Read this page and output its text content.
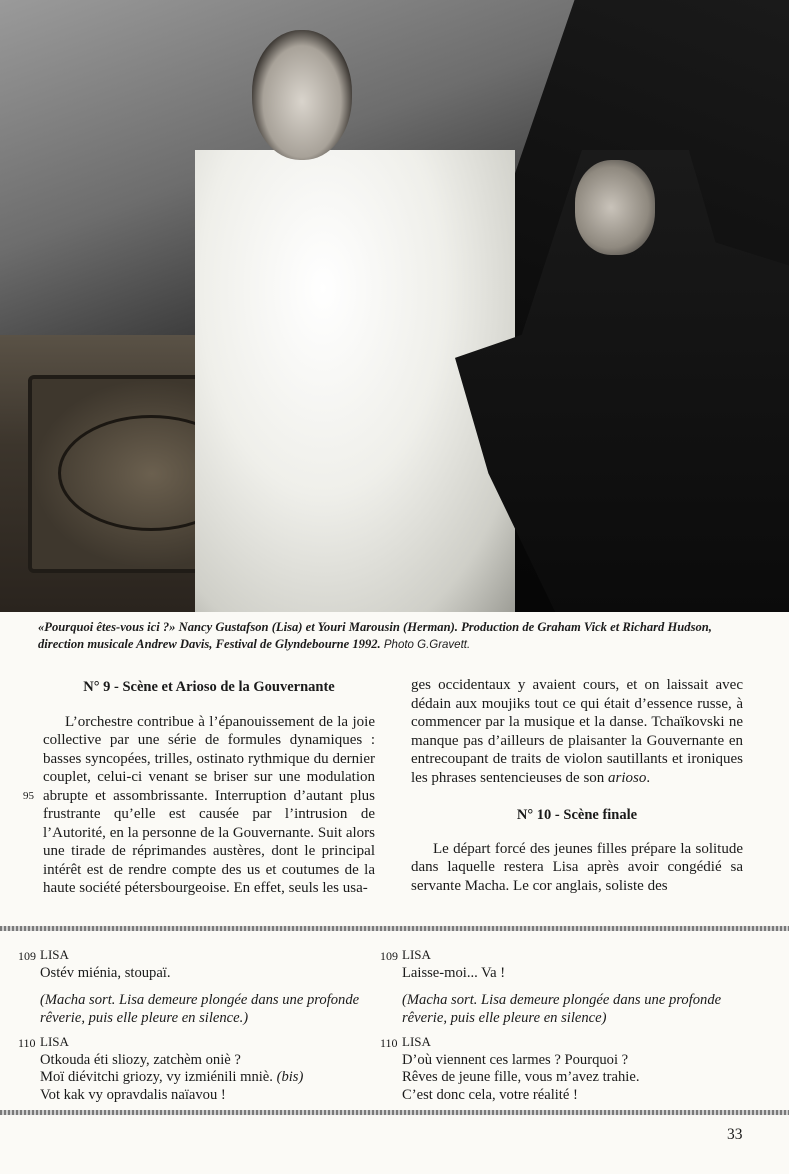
«Pourquoi êtes-vous ici ?» Nancy Gustafson (Lisa) et Youri Marousin (Herman). Production de Graham Vick et Richard Hudson, direction musicale Andrew Davis, Festival de Glyndebourne 1992. Photo G.Gravett.
N° 9 - Scène et Arioso de la Gouvernante
95

L’orchestre contribue à l’épanouissement de la joie collective par une série de formules dynamiques : basses syncopées, trilles, ostinato rythmique du dernier couplet, celui-ci venant se briser sur une modulation abrupte et assombrissante. Interruption d’autant plus frustrante qu’elle est causée par l’intrusion de l’Autorité, en la personne de la Gouvernante. Suit alors une tirade de réprimandes austères, dont le principal intérêt est de rendre compte des us et coutumes de la haute société pétersbourgeoise. En effet, seuls les usa-

ges occidentaux y avaient cours, et on laissait avec dédain aux moujiks tout ce qui était d’essence russe, à commencer par la musique et la danse. Tchaïkovski ne manque pas d’ailleurs de plaisanter la Gouvernante en entrecoupant de traits de violon sautillants et ironiques les phrases sentencieuses de son arioso.

N° 10 - Scène finale

Le départ forcé des jeunes filles prépare la solitude dans laquelle restera Lisa après avoir congédié sa servante Macha. Le cor anglais, soliste des

109 LISA
Ostév miénia, stoupaï.
(Macha sort. Lisa demeure plongée dans une profonde rêverie, puis elle pleure en silence.)
110 LISA
Otkouda éti sliozy, zatchèm oniè ?
Moï diévitchi griozy, vy izmiénili mniè. (bis)
Vot kak vy opravdalis naïavou !
109 LISA
Laisse-moi... Va !
(Macha sort. Lisa demeure plongée dans une profonde rêverie, puis elle pleure en silence)
110 LISA
D’où viennent ces larmes ? Pourquoi ?
Rêves de jeune fille, vous m’avez trahie.
C’est donc cela, votre réalité !
33
